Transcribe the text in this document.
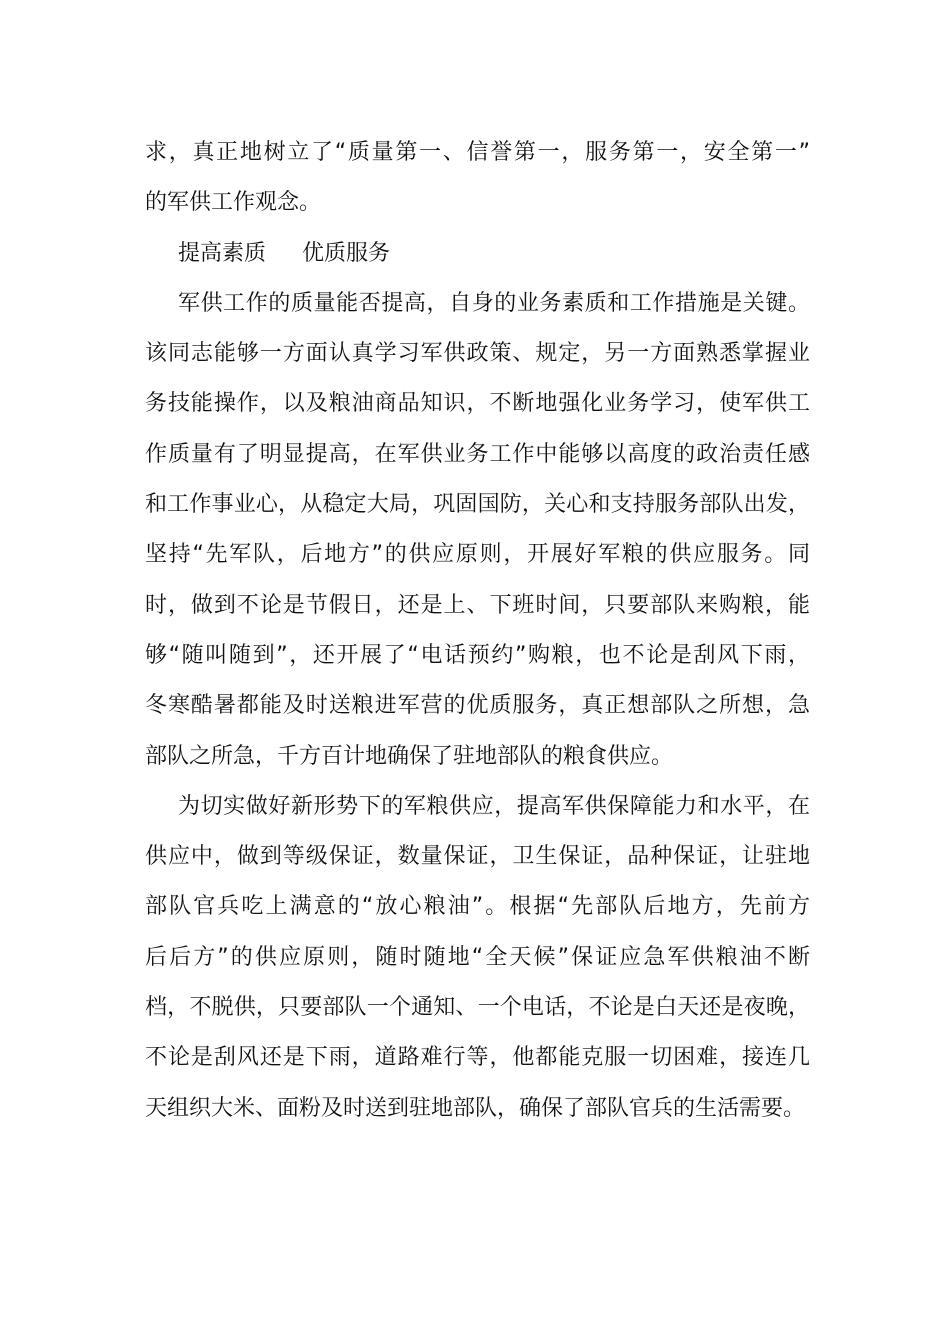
求，真正地树立了“质量第一、信誉第一，服务第一，安全第一”
的军供工作观念。
提高素质 优质服务
军供工作的质量能否提高，自身的业务素质和工作措施是关键。
该同志能够一方面认真学习军供政策、规定，另一方面熟悉掌握业
务技能操作，以及粮油商品知识，不断地强化业务学习，使军供工
作质量有了明显提高，在军供业务工作中能够以高度的政治责任感
和工作事业心，从稳定大局，巩固国防，关心和支持服务部队出发，
坚持“先军队，后地方”的供应原则，开展好军粮的供应服务。同
时，做到不论是节假日，还是上、下班时间，只要部队来购粮，能
够“随叫随到”，还开展了“电话预约”购粮，也不论是刮风下雨，
冬寒酷暑都能及时送粮进军营的优质服务，真正想部队之所想，急
部队之所急，千方百计地确保了驻地部队的粮食供应。
为切实做好新形势下的军粮供应，提高军供保障能力和水平，在
供应中，做到等级保证，数量保证，卫生保证，品种保证，让驻地
部队官兵吃上满意的“放心粮油”。根据“先部队后地方，先前方
后后方”的供应原则，随时随地“全天候”保证应急军供粮油不断
档，不脱供，只要部队一个通知、一个电话，不论是白天还是夜晚，
不论是刮风还是下雨，道路难行等，他都能克服一切困难，接连几
天组织大米、面粉及时送到驻地部队，确保了部队官兵的生活需要。
